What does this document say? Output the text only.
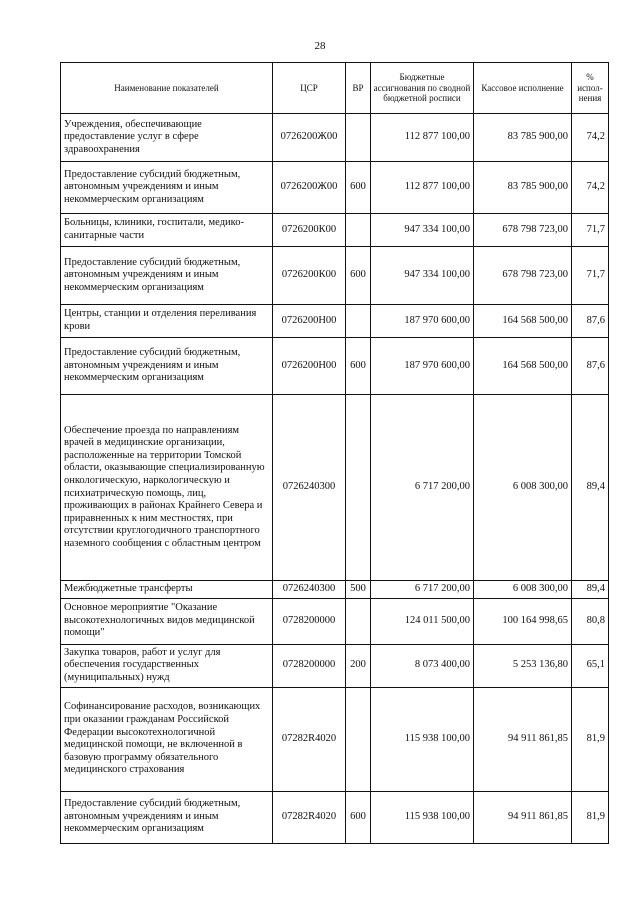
28
Наименование показателей	ЦСР	ВР	Бюджетные ассигнования по сводной бюджетной росписи	Кассовое исполнение	% испол- нения
Учреждения, обеспечивающие предоставление услуг в сфере здравоохранения	0726200Ж00		112 877 100,00	83 785 900,00	74,2
Предоставление субсидий бюджетным, автономным учреждениям и иным некоммерческим организациям	0726200Ж00	600	112 877 100,00	83 785 900,00	74,2
Больницы, клиники, госпитали, медико-санитарные части	0726200К00		947 334 100,00	678 798 723,00	71,7
Предоставление субсидий бюджетным, автономным учреждениям и иным некоммерческим организациям	0726200К00	600	947 334 100,00	678 798 723,00	71,7
Центры, станции и отделения переливания крови	0726200Н00		187 970 600,00	164 568 500,00	87,6
Предоставление субсидий бюджетным, автономным учреждениям и иным некоммерческим организациям	0726200Н00	600	187 970 600,00	164 568 500,00	87,6
Обеспечение проезда по направлениям врачей в медицинские организации, расположенные на территории Томской области, оказывающие специализированную онкологическую, наркологическую и психиатрическую помощь, лиц, проживающих в районах Крайнего Севера и приравненных к ним местностях, при отсутствии круглогодичного транспортного наземного сообщения с областным центром	0726240300		6 717 200,00	6 008 300,00	89,4
Межбюджетные трансферты	0726240300	500	6 717 200,00	6 008 300,00	89,4
Основное мероприятие "Оказание высокотехнологичных видов медицинской помощи"	0728200000		124 011 500,00	100 164 998,65	80,8
Закупка товаров, работ и услуг для обеспечения государственных (муниципальных) нужд	0728200000	200	8 073 400,00	5 253 136,80	65,1
Софинансирование расходов, возникающих при оказании гражданам Российской Федерации высокотехнологичной медицинской помощи, не включенной в базовую программу обязательного медицинского страхования	07282R4020		115 938 100,00	94 911 861,85	81,9
Предоставление субсидий бюджетным, автономным учреждениям и иным некоммерческим организациям	07282R4020	600	115 938 100,00	94 911 861,85	81,9
